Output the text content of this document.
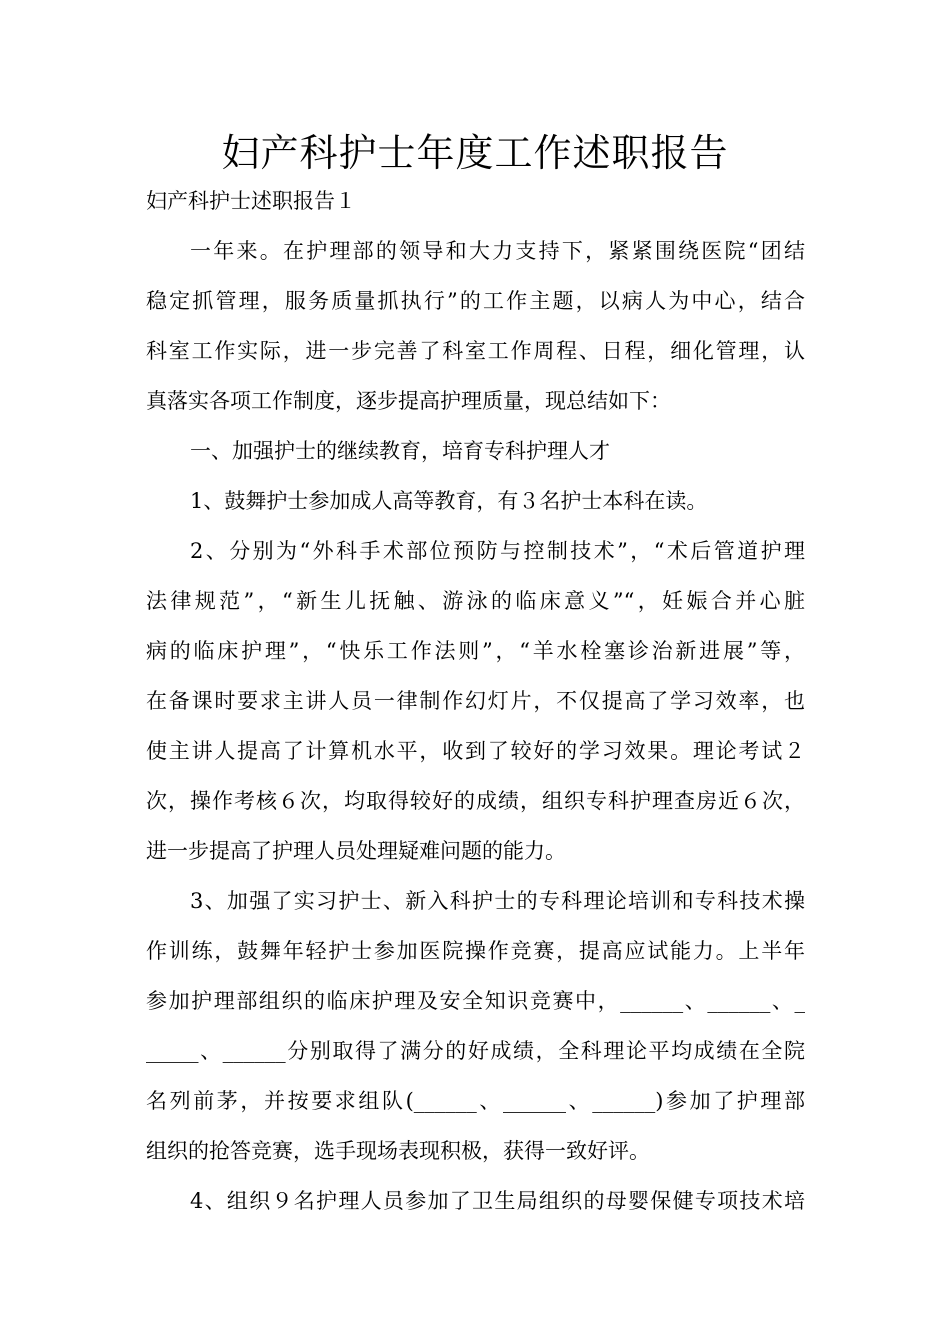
妇产科护士年度工作述职报告
妇产科护士述职报告１
一年来。在护理部的领导和大力支持下，紧紧围绕医院“团结
稳定抓管理，服务质量抓执行”的工作主题，以病人为中心，结合
科室工作实际，进一步完善了科室工作周程、日程，细化管理，认
真落实各项工作制度，逐步提高护理质量，现总结如下：
一、加强护士的继续教育，培育专科护理人才
1、鼓舞护士参加成人高等教育，有３名护士本科在读。
2、分别为“外科手术部位预防与控制技术”，“术后管道护理
法律规范”，“新生儿抚触、游泳的临床意义”“，妊娠合并心脏
病的临床护理”，“快乐工作法则”，“羊水栓塞诊治新进展”等，
在备课时要求主讲人员一律制作幻灯片，不仅提高了学习效率，也
使主讲人提高了计算机水平，收到了较好的学习效果。理论考试２
次，操作考核６次，均取得较好的成绩，组织专科护理查房近６次，
进一步提高了护理人员处理疑难问题的能力。
3、加强了实习护士、新入科护士的专科理论培训和专科技术操
作训练，鼓舞年轻护士参加医院操作竞赛，提高应试能力。上半年
参加护理部组织的临床护理及安全知识竞赛中，______、______、_
_____、______分别取得了满分的好成绩，全科理论平均成绩在全院
名列前茅，并按要求组队(______、______、______)参加了护理部
组织的抢答竞赛，选手现场表现积极，获得一致好评。
4、组织９名护理人员参加了卫生局组织的母婴保健专项技术培
